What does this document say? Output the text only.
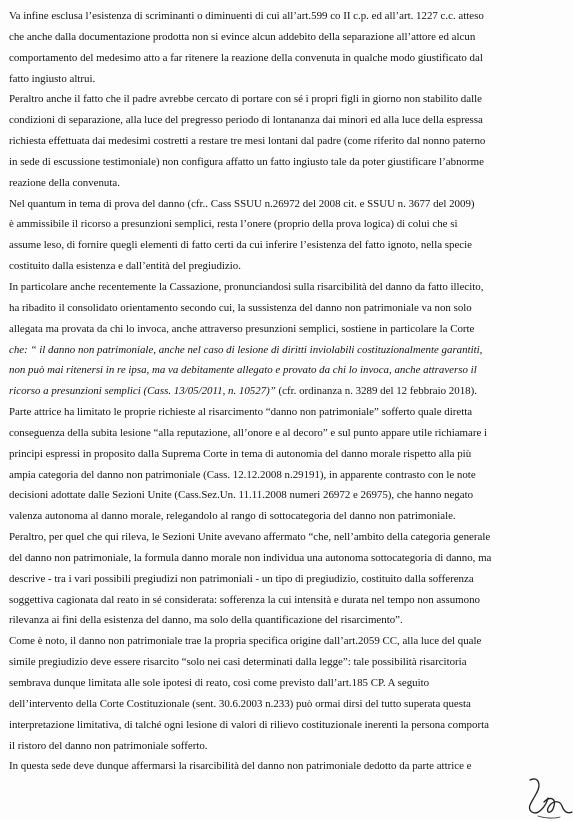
Va infine esclusa l’esistenza di scriminanti o diminuenti di cui all’art.599 co II c.p. ed all’art. 1227 c.c. atteso
che anche dalla documentazione prodotta non si evince alcun addebito della separazione all’attore ed alcun
comportamento del medesimo atto a far ritenere la reazione della convenuta in qualche modo giustificato dal
fatto ingiusto altrui.
Peraltro anche il fatto che il padre avrebbe cercato di portare con sé i propri figli in giorno non stabilito dalle
condizioni di separazione, alla luce del pregresso periodo di lontananza dai minori ed alla luce della espressa
richiesta effettuata dai medesimi costretti a restare tre mesi lontani dal padre (come riferito dal nonno paterno
in sede di escussione testimoniale) non configura affatto un fatto ingiusto tale da poter giustificare l’abnorme
reazione della convenuta.
Nel quantum in tema di prova del danno (cfr.. Cass SSUU n.26972 del 2008 cit. e SSUU n. 3677 del 2009)
è ammissibile il ricorso a presunzioni semplici, resta l’onere (proprio della prova logica) di colui che si
assume leso, di fornire quegli elementi di fatto certi da cui inferire l’esistenza del fatto ignoto, nella specie
costituito dalla esistenza e dall’entità del pregiudizio.
In particolare anche recentemente la Cassazione, pronunciandosi sulla risarcibilità del danno da fatto illecito,
ha ribadito il consolidato orientamento secondo cui, la sussistenza del danno non patrimoniale va non solo
allegata ma provata da chi lo invoca, anche attraverso presunzioni semplici, sostiene in particolare la Corte
che: “ il danno non patrimoniale, anche nel caso di lesione di diritti inviolabili costituzionalmente garantiti,
non può mai ritenersi in re ipsa, ma va debitamente allegato e provato da chi lo invoca, anche attraverso il
ricorso a presunzioni semplici (Cass. 13/05/2011, n. 10527)” (cfr. ordinanza n. 3289 del 12 febbraio 2018).
Parte attrice ha limitato le proprie richieste al risarcimento “danno non patrimoniale” sofferto quale diretta
conseguenza della subita lesione “alla reputazione, all’onore e al decoro” e sul punto appare utile richiamare i
principi espressi in proposito dalla Suprema Corte in tema di autonomia del danno morale rispetto alla più
ampia categoria del danno non patrimoniale (Cass. 12.12.2008 n.29191), in apparente contrasto con le note
decisioni adottate dalle Sezioni Unite (Cass.Sez.Un. 11.11.2008 numeri 26972 e 26975), che hanno negato
valenza autonoma al danno morale, relegandolo al rango di sottocategoria del danno non patrimoniale.
Peraltro, per quel che qui rileva, le Sezioni Unite avevano affermato “che, nell’ambito della categoria generale
del danno non patrimoniale, la formula danno morale non individua una autonoma sottocategoria di danno, ma
descrive - tra i vari possibili pregiudizi non patrimoniali - un tipo di pregiudizio, costituito dalla sofferenza
soggettiva cagionata dal reato in sé considerata: sofferenza la cui intensità e durata nel tempo non assumono
rilevanza ai fini della esistenza del danno, ma solo della quantificazione del risarcimento”.
Come è noto, il danno non patrimoniale trae la propria specifica origine dall’art.2059 CC, alla luce del quale
simile pregiudizio deve essere risarcito “solo nei casi determinati dalla legge”: tale possibilità risarcitoria
sembrava dunque limitata alle sole ipotesi di reato, così come previsto dall’art.185 CP. A seguito
dell’intervento della Corte Costituzionale (sent. 30.6.2003 n.233) può ormai dirsi del tutto superata questa
interpretazione limitativa, di talché ogni lesione di valori di rilievo costituzionale inerenti la persona comporta
il ristoro del danno non patrimoniale sofferto.
In questa sede deve dunque affermarsi la risarcibilità del danno non patrimoniale dedotto da parte attrice e
